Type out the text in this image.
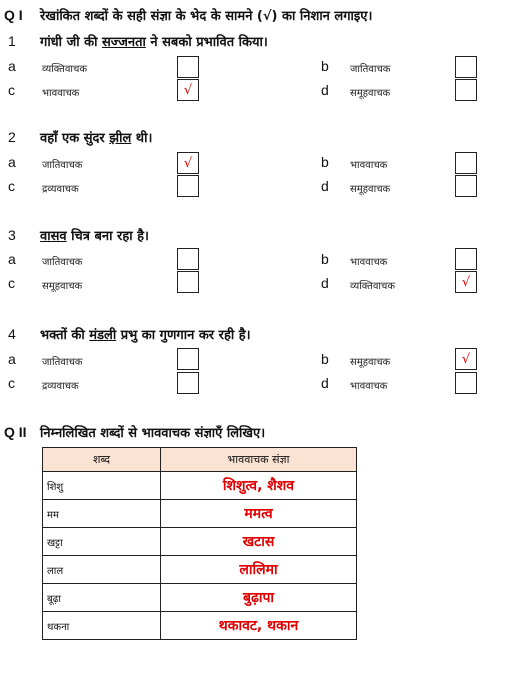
Q I रेखांकित शब्दों के सही संज्ञा के भेद के सामने (√) का निशान लगाइए।
1 गांधी जी की सज्जनता ने सबको प्रभावित किया।
a	व्यक्तिवाचक	b जातिवाचक
c	भाववाचक	√	d समूहवाचक
2 वहाँ एक सुंदर झील थी।
a	जातिवाचक	√	b भाववाचक
c	द्रव्यवाचक	d समूहवाचक
3 वासव चित्र बना रहा है।
a	जातिवाचक	b भाववाचक
c	समूहवाचक	d व्यक्तिवाचक	√
4 भक्तों की मंडली प्रभु का गुणगान कर रही है।
a	जातिवाचक	b समूहवाचक	√
c	द्रव्यवाचक	d भाववाचक
Q II निम्नलिखित शब्दों से भाववाचक संज्ञाएँ लिखिए।
शब्द	भाववाचक संज्ञा
शिशु	शिशुत्व, शैशव
मम	ममत्व
खट्टा	खटास
लाल	लालिमा
बूढ़ा	बुढ़ापा
थकना	थकावट, थकान
